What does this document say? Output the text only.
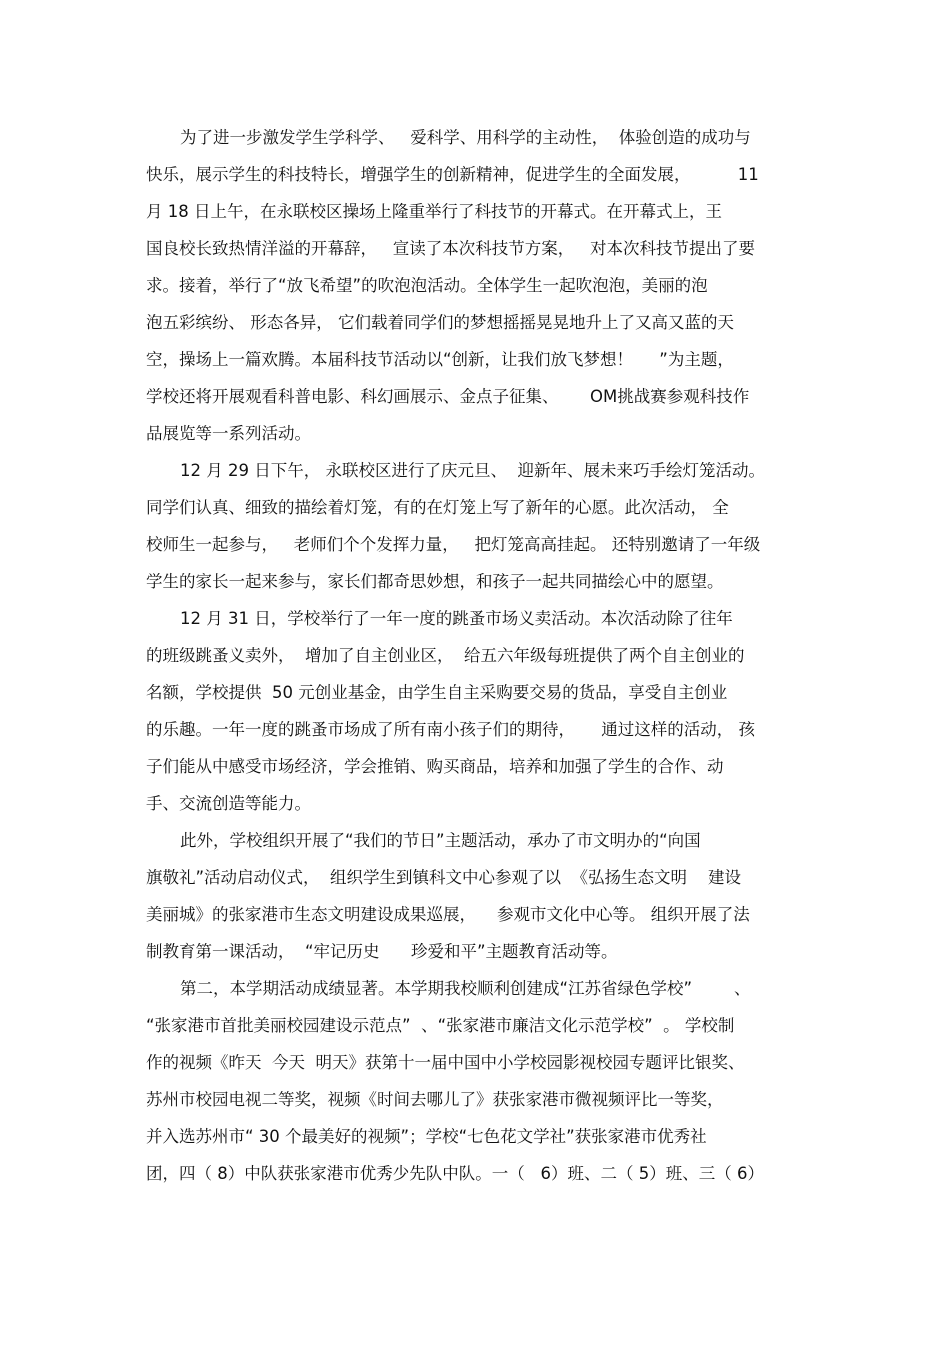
为了进一步激发学生学科学、   爱科学、用科学的主动性，  体验创造的成功与
快乐，展示学生的科技特长，增强学生的创新精神，促进学生的全面发展，         11
月 18 日上午，在永联校区操场上隆重举行了科技节的开幕式。在开幕式上，王
国良校长致热情洋溢的开幕辞，   宣读了本次科技节方案，   对本次科技节提出了要
求。接着，举行了“放飞希望”的吹泡泡活动。全体学生一起吹泡泡，美丽的泡
泡五彩缤纷、 形态各异， 它们载着同学们的梦想摇摇晃晃地升上了又高又蓝的天
空，操场上一篇欢腾。本届科技节活动以“创新，让我们放飞梦想！     ”为主题，
学校还将开展观看科普电影、科幻画展示、金点子征集、      OM挑战赛参观科技作
品展览等一系列活动。
12 月 29 日下午， 永联校区进行了庆元旦、  迎新年、展未来巧手绘灯笼活动。
同学们认真、细致的描绘着灯笼，有的在灯笼上写了新年的心愿。此次活动， 全
校师生一起参与，   老师们个个发挥力量，   把灯笼高高挂起。 还特别邀请了一年级
学生的家长一起来参与，家长们都奇思妙想，和孩子一起共同描绘心中的愿望。
12 月 31 日，学校举行了一年一度的跳蚤市场义卖活动。本次活动除了往年
的班级跳蚤义卖外，  增加了自主创业区，  给五六年级每班提供了两个自主创业的
名额，学校提供  50 元创业基金，由学生自主采购要交易的货品，享受自主创业
的乐趣。一年一度的跳蚤市场成了所有南小孩子们的期待，     通过这样的活动， 孩
子们能从中感受市场经济，学会推销、购买商品，培养和加强了学生的合作、动
手、交流创造等能力。
此外，学校组织开展了“我们的节日”主题活动，承办了市文明办的“向国
旗敬礼”活动启动仪式，  组织学生到镇科文中心参观了以  《弘扬生态文明    建设
美丽城》的张家港市生态文明建设成果巡展，    参观市文化中心等。 组织开展了法
制教育第一课活动，  “牢记历史      珍爱和平”主题教育活动等。
第二，本学期活动成绩显著。本学期我校顺利创建成“江苏省绿色学校”        、
“张家港市首批美丽校园建设示范点”  、“张家港市廉洁文化示范学校”  。 学校制
作的视频《昨天  今天  明天》获第十一届中国中小学校园影视校园专题评比银奖、
苏州市校园电视二等奖，视频《时间去哪儿了》获张家港市微视频评比一等奖，
并入选苏州市“ 30 个最美好的视频”；学校“七色花文学社”获张家港市优秀社
团，四（ 8）中队获张家港市优秀少先队中队。一（   6）班、二（ 5）班、三（ 6）
